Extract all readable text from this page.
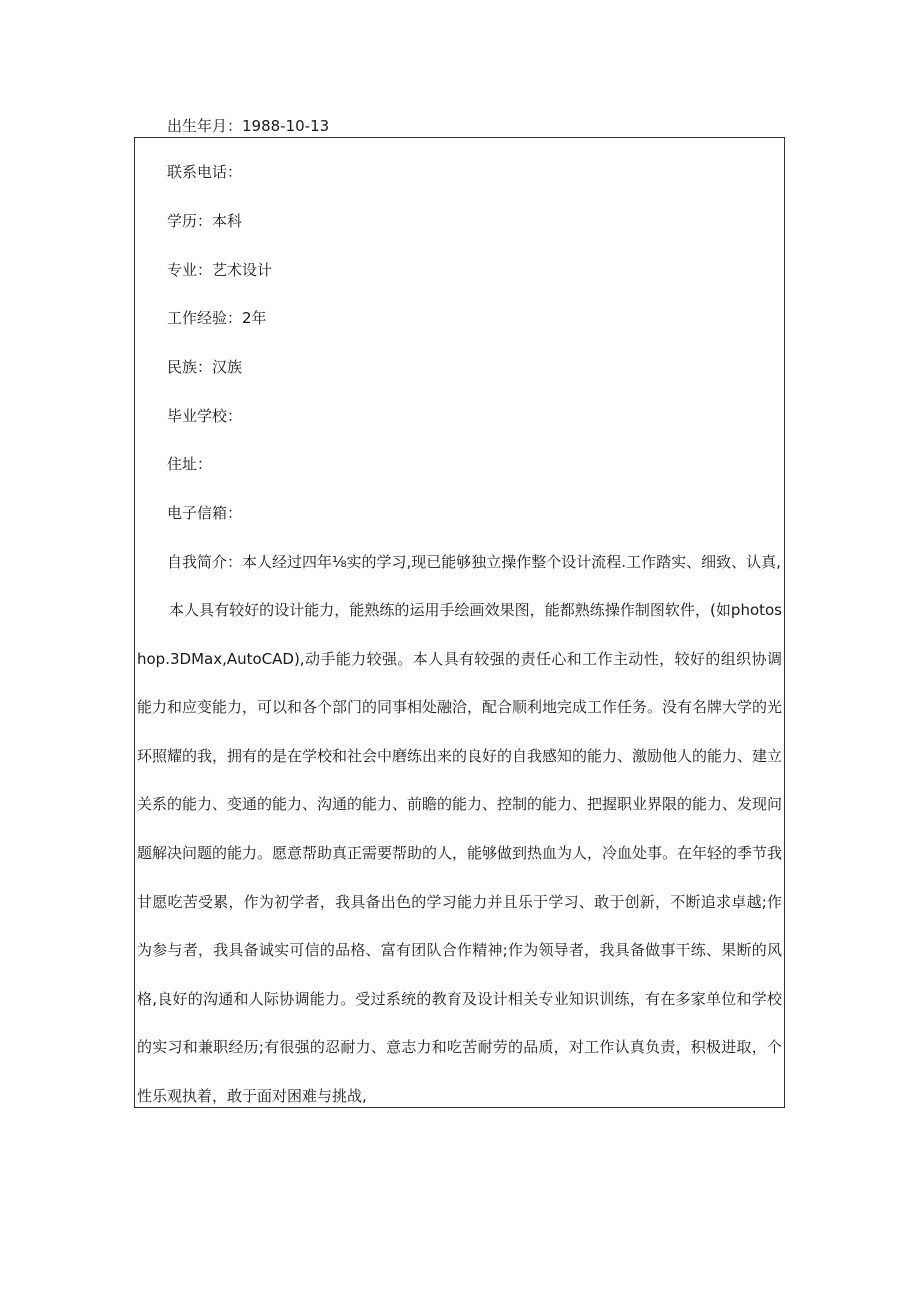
出生年月：1988-10-13
联系电话：
学历：本科
专业：艺术设计
工作经验：2年
民族：汉族
毕业学校：
住址：
电子信箱：
自我简介：本人经过四年⅛实的学习,现已能够独立操作整个设计流程.工作踏实、细致、认真,
本人具有较好的设计能力，能熟练的运用手绘画效果图，能都熟练操作制图软件，(如photoshop.3DMax,AutoCAD),动手能力较强。本人具有较强的责任心和工作主动性，较好的组织协调能力和应变能力，可以和各个部门的同事相处融洽，配合顺利地完成工作任务。没有名牌大学的光环照耀的我，拥有的是在学校和社会中磨练出来的良好的自我感知的能力、激励他人的能力、建立关系的能力、变通的能力、沟通的能力、前瞻的能力、控制的能力、把握职业界限的能力、发现问题解决问题的能力。愿意帮助真正需要帮助的人，能够做到热血为人，冷血处事。在年轻的季节我甘愿吃苦受累，作为初学者，我具备出色的学习能力并且乐于学习、敢于创新，不断追求卓越;作为参与者，我具备诚实可信的品格、富有团队合作精神;作为领导者，我具备做事干练、果断的风格,良好的沟通和人际协调能力。受过系统的教育及设计相关专业知识训练，有在多家单位和学校的实习和兼职经历;有很强的忍耐力、意志力和吃苦耐劳的品质，对工作认真负责，积极进取，个性乐观执着，敢于面对困难与挑战,
